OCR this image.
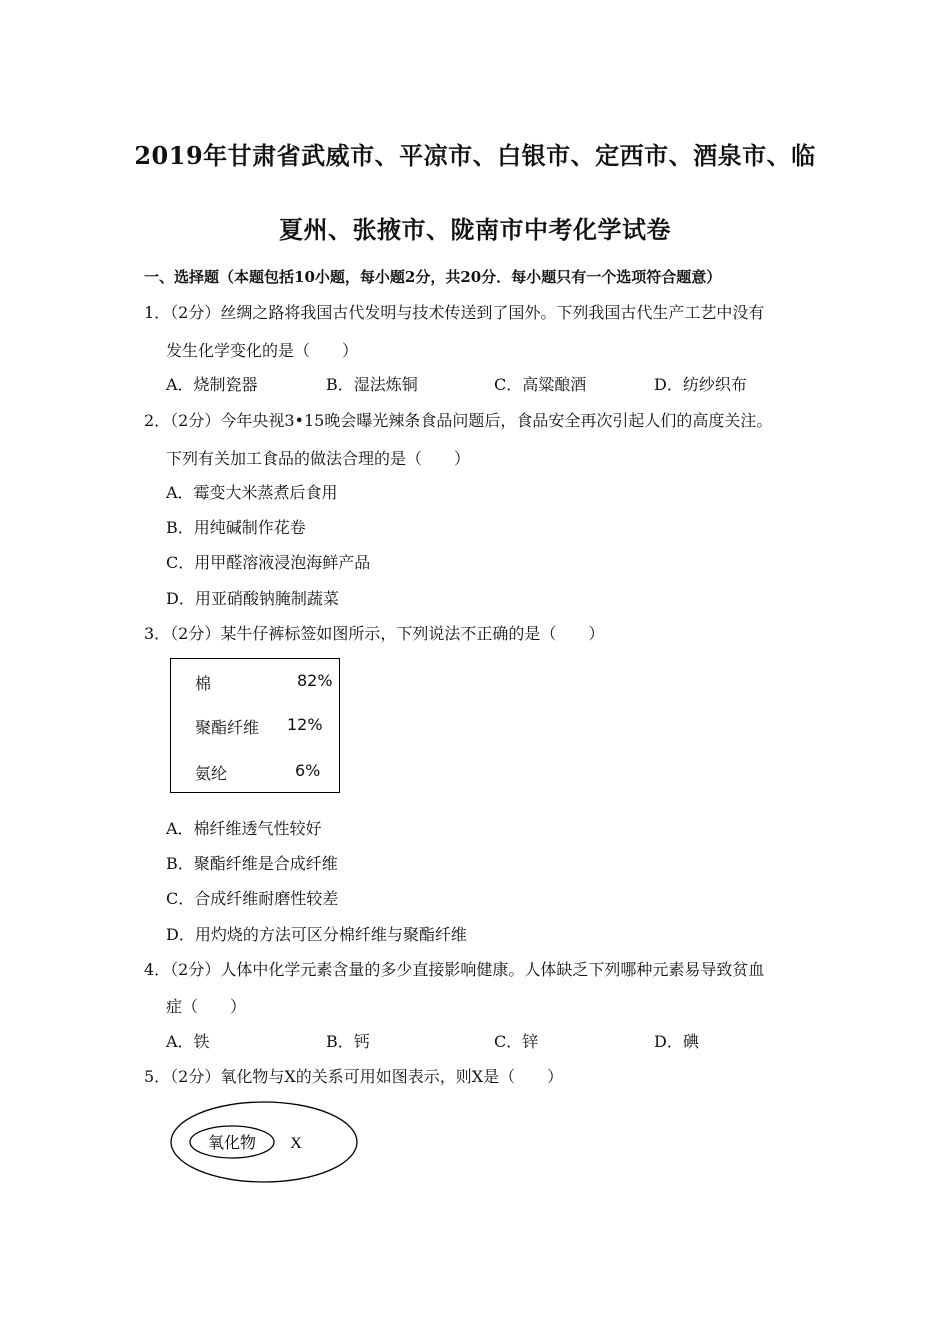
2019年甘肃省武威市、平凉市、白银市、定西市、酒泉市、临
夏州、张掖市、陇南市中考化学试卷
一、选择题（本题包括10小题，每小题2分，共20分．每小题只有一个选项符合题意）
1．（2分）丝绸之路将我国古代发明与技术传送到了国外。下列我国古代生产工艺中没有
发生化学变化的是（　　）
A．烧制瓷器	B．湿法炼铜	C．高粱酿酒	D．纺纱织布
2．（2分）今年央视3•15晚会曝光辣条食品问题后，食品安全再次引起人们的高度关注。
下列有关加工食品的做法合理的是（　　）
A．霉变大米蒸煮后食用
B．用纯碱制作花卷
C．用甲醛溶液浸泡海鲜产品
D．用亚硝酸钠腌制蔬菜
3．（2分）某牛仔裤标签如图所示，下列说法不正确的是（　　）
棉	82%
聚酯纤维 12%
氨纶	6%
A．棉纤维透气性较好
B．聚酯纤维是合成纤维
C．合成纤维耐磨性较差
D．用灼烧的方法可区分棉纤维与聚酯纤维
4．（2分）人体中化学元素含量的多少直接影响健康。人体缺乏下列哪种元素易导致贫血
症（　　）
A．铁	B．钙	C．锌	D．碘
5．（2分）氧化物与X的关系可用如图表示，则X是（　　）
氧化物 X
